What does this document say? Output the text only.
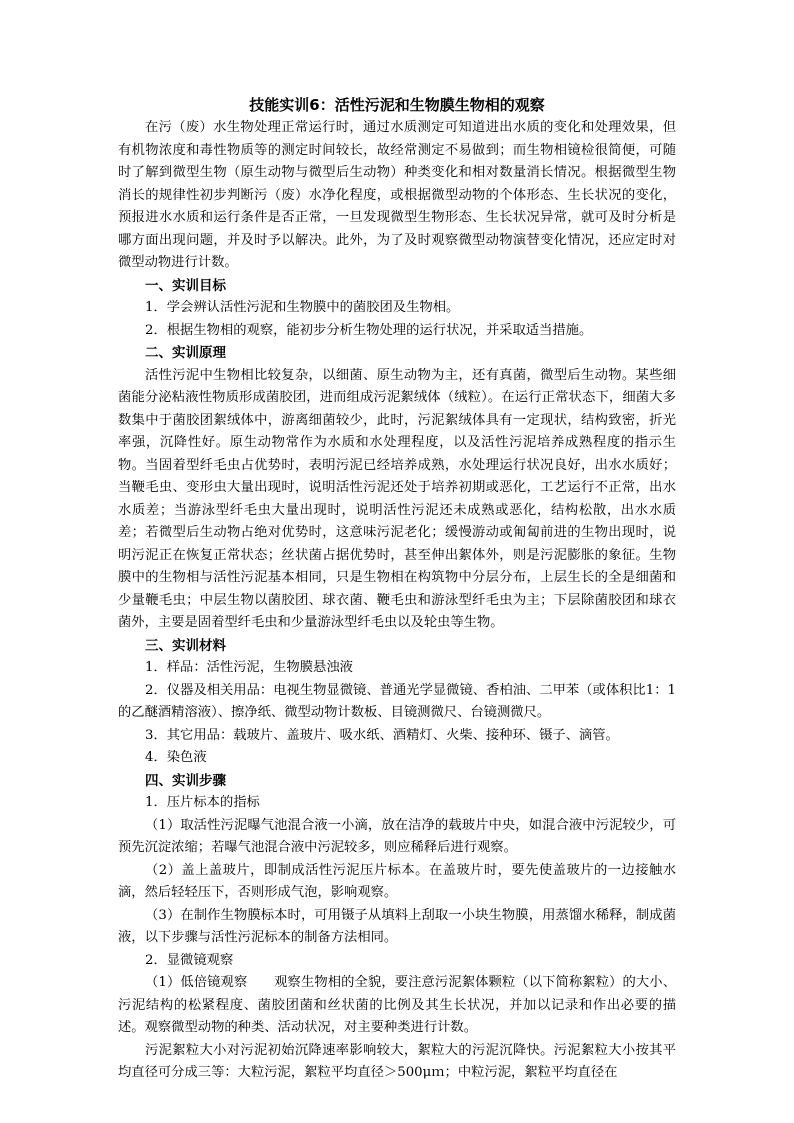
技能实训6：活性污泥和生物膜生物相的观察

在污（废）水生物处理正常运行时，通过水质测定可知道进出水质的变化和处理效果，但有机物浓度和毒性物质等的测定时间较长，故经常测定不易做到；而生物相镜检很简便，可随时了解到微型生物（原生动物与微型后生动物）种类变化和相对数量消长情况。根据微型生物消长的规律性初步判断污（废）水净化程度，或根据微型动物的个体形态、生长状况的变化，预报进水水质和运行条件是否正常，一旦发现微型生物形态、生长状况异常，就可及时分析是哪方面出现问题，并及时予以解决。此外，为了及时观察微型动物演替变化情况，还应定时对微型动物进行计数。

一、实训目标

1．学会辨认活性污泥和生物膜中的菌胶团及生物相。

2．根据生物相的观察，能初步分析生物处理的运行状况，并采取适当措施。

二、实训原理

活性污泥中生物相比较复杂，以细菌、原生动物为主，还有真菌，微型后生动物。某些细菌能分泌粘液性物质形成菌胶团，进而组成污泥絮绒体（绒粒）。在运行正常状态下，细菌大多数集中于菌胶团絮绒体中，游离细菌较少，此时，污泥絮绒体具有一定现状，结构致密，折光率强，沉降性好。原生动物常作为水质和水处理程度，以及活性污泥培养成熟程度的指示生物。当固着型纤毛虫占优势时，表明污泥已经培养成熟，水处理运行状况良好，出水水质好；当鞭毛虫、变形虫大量出现时，说明活性污泥还处于培养初期或恶化，工艺运行不正常，出水水质差；当游泳型纤毛虫大量出现时，说明活性污泥还未成熟或恶化，结构松散，出水水质差；若微型后生动物占绝对优势时，这意味污泥老化；缓慢游动或匍匐前进的生物出现时，说明污泥正在恢复正常状态；丝状菌占据优势时，甚至伸出絮体外，则是污泥膨胀的象征。生物膜中的生物相与活性污泥基本相同，只是生物相在构筑物中分层分布，上层生长的全是细菌和少量鞭毛虫；中层生物以菌胶团、球衣菌、鞭毛虫和游泳型纤毛虫为主；下层除菌胶团和球衣菌外，主要是固着型纤毛虫和少量游泳型纤毛虫以及轮虫等生物。

三、实训材料

1．样品：活性污泥，生物膜悬浊液

2．仪器及相关用品：电视生物显微镜、普通光学显微镜、香柏油、二甲苯（或体积比1：1的乙醚酒精溶液）、擦净纸、微型动物计数板、目镜测微尺、台镜测微尺。

3．其它用品：载玻片、盖玻片、吸水纸、酒精灯、火柴、接种环、镊子、滴管。

4．染色液

四、实训步骤

1．压片标本的指标

（1）取活性污泥曝气池混合液一小滴，放在洁净的载玻片中央，如混合液中污泥较少，可预先沉淀浓缩；若曝气池混合液中污泥较多，则应稀释后进行观察。

（2）盖上盖玻片，即制成活性污泥压片标本。在盖玻片时，要先使盖玻片的一边接触水滴，然后轻轻压下，否则形成气泡，影响观察。

（3）在制作生物膜标本时，可用镊子从填料上刮取一小块生物膜，用蒸馏水稀释，制成菌液，以下步骤与活性污泥标本的制备方法相同。

2．显微镜观察

（1）低倍镜观察　　观察生物相的全貌，要注意污泥絮体颗粒（以下简称絮粒）的大小、污泥结构的松紧程度、菌胶团菌和丝状菌的比例及其生长状况，并加以记录和作出必要的描述。观察微型动物的种类、活动状况，对主要种类进行计数。

污泥絮粒大小对污泥初始沉降速率影响较大，絮粒大的污泥沉降快。污泥絮粒大小按其平均直径可分成三等：大粒污泥，絮粒平均直径＞500μｍ；中粒污泥，絮粒平均直径在
